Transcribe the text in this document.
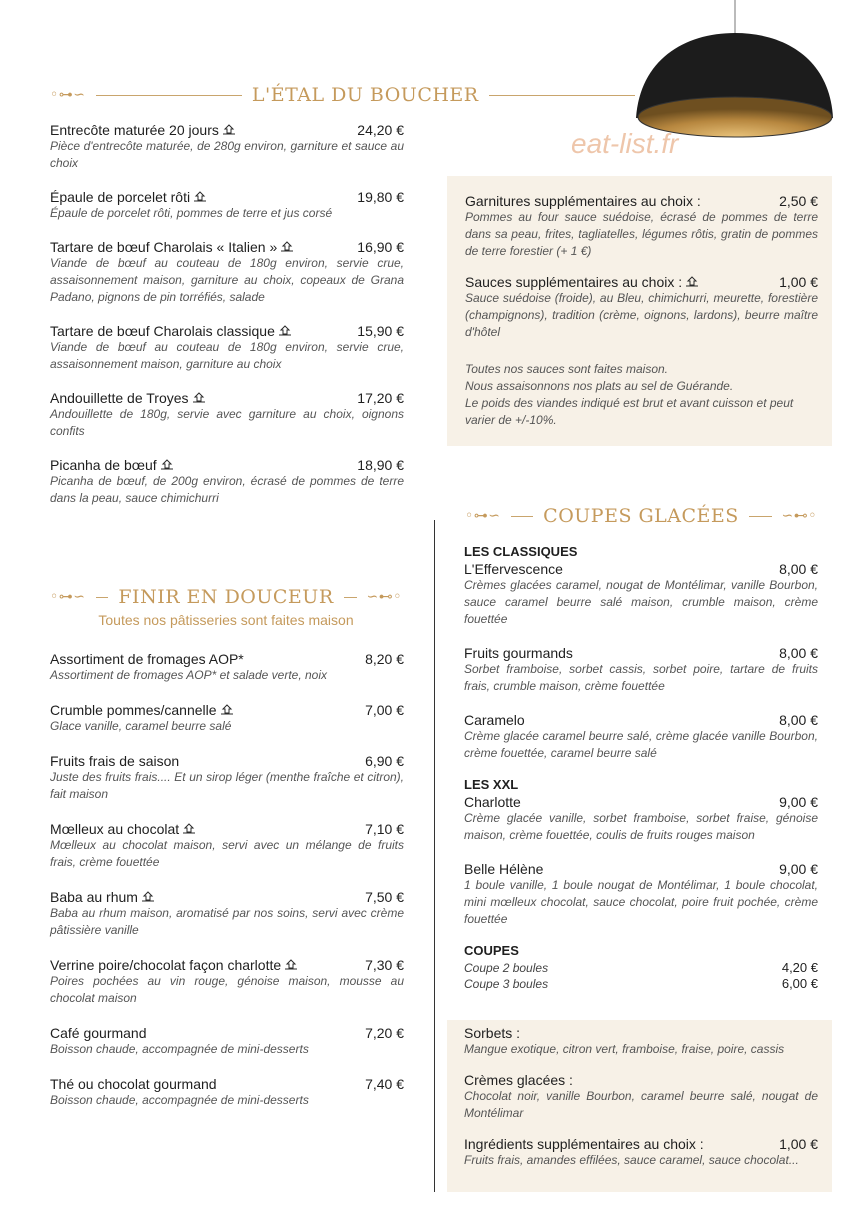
eat-list.fr
◦⊶∽	L'ÉTAL DU BOUCHER
Entrecôte maturée 20 jours	24,20 €
Pièce d'entrecôte maturée, de 280g environ, garniture et sauce au choix
Épaule de porcelet rôti	19,80 €
Épaule de porcelet rôti, pommes de terre et jus corsé
Tartare de bœuf Charolais « Italien »	16,90 €
Viande de bœuf au couteau de 180g environ, servie crue, assaisonnement maison, garniture au choix, copeaux de Grana Padano, pignons de pin torréfiés, salade
Tartare de bœuf Charolais classique	15,90 €
Viande de bœuf au couteau de 180g environ, servie crue, assaisonnement maison, garniture au choix
Andouillette de Troyes	17,20 €
Andouillette de 180g, servie avec garniture au choix, oignons confits
Picanha de bœuf	18,90 €
Picanha de bœuf, de 200g environ, écrasé de pommes de terre dans la peau, sauce chimichurri
Garnitures supplémentaires au choix :	2,50 €
Pommes au four sauce suédoise, écrasé de pommes de terre dans sa peau, frites, tagliatelles, légumes rôtis, gratin de pommes de terre forestier (+ 1 €)
Sauces supplémentaires au choix :	1,00 €
Sauce suédoise (froide), au Bleu, chimichurri, meurette, forestière (champignons), tradition (crème, oignons, lardons), beurre maître d'hôtel
Toutes nos sauces sont faites maison.
Nous assaisonnons nos plats au sel de Guérande.
Le poids des viandes indiqué est brut et avant cuisson et peut varier de +/-10%.
◦⊶∽ FINIR EN DOUCEUR ∽⊷◦
Toutes nos pâtisseries sont faites maison
Assortiment de fromages AOP*	8,20 €
Assortiment de fromages AOP* et salade verte, noix
Crumble pommes/cannelle	7,00 €
Glace vanille, caramel beurre salé
Fruits frais de saison	6,90 €
Juste des fruits frais.... Et un sirop léger (menthe fraîche et citron), fait maison
Mœlleux au chocolat	7,10 €
Mœlleux au chocolat maison, servi avec un mélange de fruits frais, crème fouettée
Baba au rhum	7,50 €
Baba au rhum maison, aromatisé par nos soins, servi avec crème pâtissière vanille
Verrine poire/chocolat façon charlotte	7,30 €
Poires pochées au vin rouge, génoise maison, mousse au chocolat maison
Café gourmand	7,20 €
Boisson chaude, accompagnée de mini-desserts
Thé ou chocolat gourmand	7,40 €
Boisson chaude, accompagnée de mini-desserts
◦⊶∽ COUPES GLACÉES	∽⊷◦
LES CLASSIQUES
L'Effervescence	8,00 €
Crèmes glacées caramel, nougat de Montélimar, vanille Bourbon, sauce caramel beurre salé maison, crumble maison, crème fouettée
Fruits gourmands	8,00 €
Sorbet framboise, sorbet cassis, sorbet poire, tartare de fruits frais, crumble maison, crème fouettée
Caramelo	8,00 €
Crème glacée caramel beurre salé, crème glacée vanille Bourbon, crème fouettée, caramel beurre salé
LES XXL
Charlotte	9,00 €
Crème glacée vanille, sorbet framboise, sorbet fraise, génoise maison, crème fouettée, coulis de fruits rouges maison
Belle Hélène	9,00 €
1 boule vanille, 1 boule nougat de Montélimar, 1 boule chocolat, mini mœlleux chocolat, sauce chocolat, poire fruit pochée, crème fouettée
COUPES
Coupe 2 boules	4,20 €
Coupe 3 boules	6,00 €
Sorbets :
Mangue exotique, citron vert, framboise, fraise, poire, cassis
Crèmes glacées :
Chocolat noir, vanille Bourbon, caramel beurre salé, nougat de Montélimar
Ingrédients supplémentaires au choix :	1,00 €
Fruits frais, amandes effilées, sauce caramel, sauce chocolat...
